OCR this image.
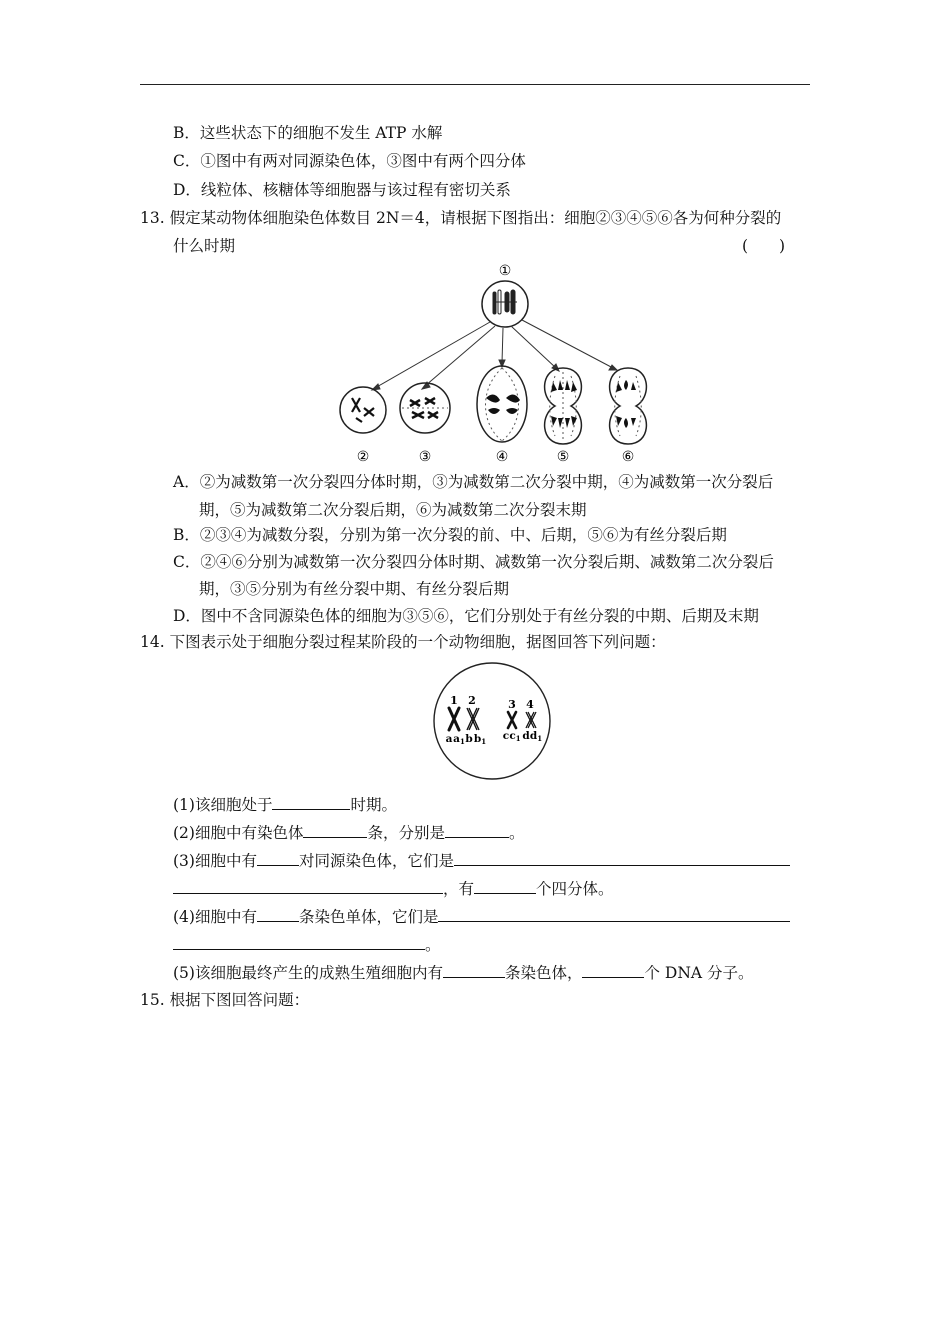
B．这些状态下的细胞不发生 ATP 水解
C．①图中有两对同源染色体，③图中有两个四分体
D．线粒体、核糖体等细胞器与该过程有密切关系
13. 假定某动物体细胞染色体数目 2N＝4，请根据下图指出：细胞②③④⑤⑥各为何种分裂的
什么时期	(　　)
①
②	③	④	⑤	⑥
A．②为减数第一次分裂四分体时期，③为减数第二次分裂中期，④为减数第一次分裂后
期，⑤为减数第二次分裂后期，⑥为减数第二次分裂末期
B．②③④为减数分裂，分别为第一次分裂的前、中、后期，⑤⑥为有丝分裂后期
C．②④⑥分别为减数第一次分裂四分体时期、减数第一次分裂后期、减数第二次分裂后
期，③⑤分别为有丝分裂中期、有丝分裂后期
D．图中不含同源染色体的细胞为③⑤⑥，它们分别处于有丝分裂的中期、后期及末期
14. 下图表示处于细胞分裂过程某阶段的一个动物细胞，据图回答下列问题：
1 2	3 4
a a1 b b1 c c1 d d1
(1)该细胞处于	时期。
(2)细胞中有染色体	条，分别是	。
(3)细胞中有	对同源染色体，它们是
，有	个四分体。
(4)细胞中有	条染色单体，它们是
。
(5)该细胞最终产生的成熟生殖细胞内有	条染色体，	个 DNA 分子。
15. 根据下图回答问题：
